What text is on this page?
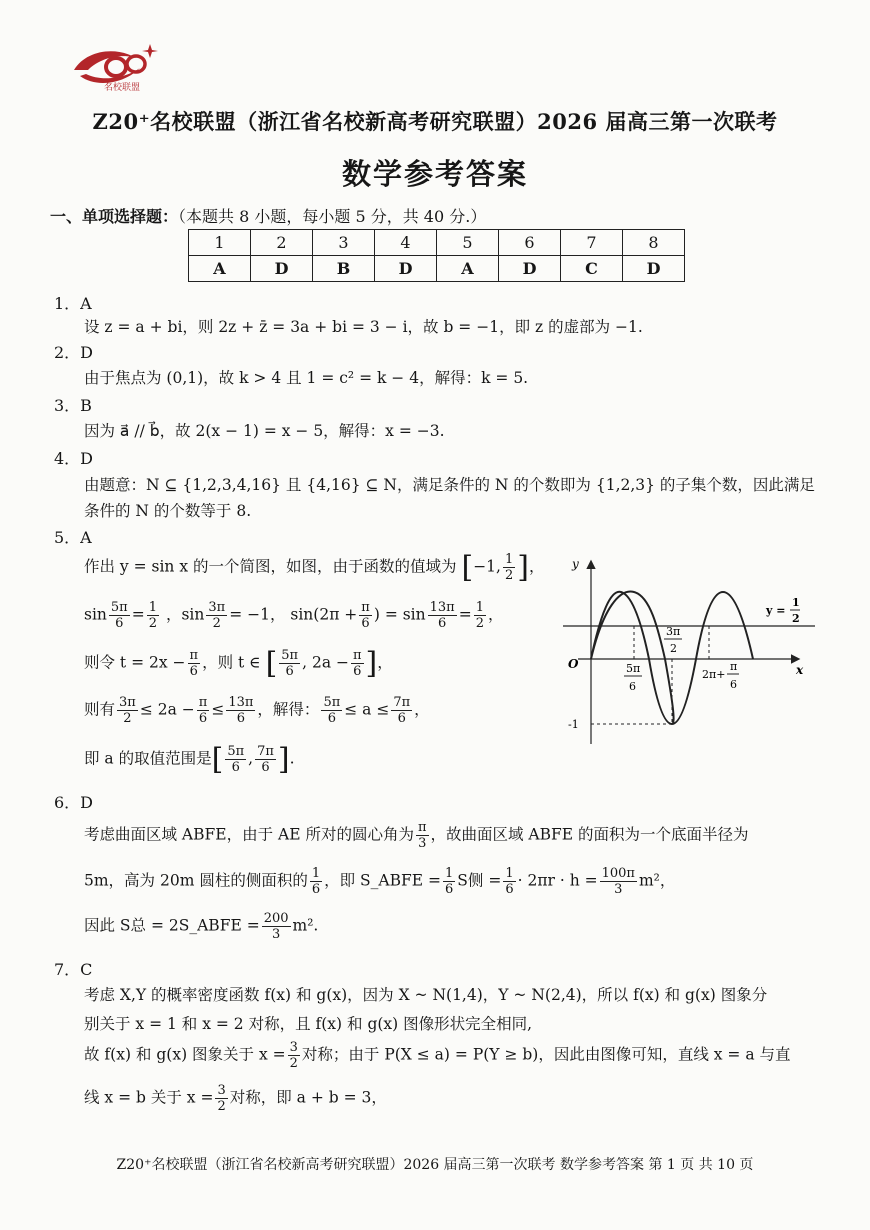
名校联盟
Z20⁺名校联盟（浙江省名校新高考研究联盟）2026 届高三第一次联考
数学参考答案
一、单项选择题：（本题共 8 小题，每小题 5 分，共 40 分.）
1	2	3	4	5	6	7	8
A	D	B	D	A	D	C	D
1．A
设 z = a + bi，则 2z + z̄ = 3a + bi = 3 − i，故 b = −1，即 z 的虚部为 −1.
2．D
由于焦点为 (0,1)，故 k > 4 且 1 = c² = k − 4，解得：k = 5.
3．B
因为 a⃗ // b⃗，故 2(x − 1) = x − 5，解得：x = −3.
4．D
由题意：N ⊆ {1,2,3,4,16} 且 {4,16} ⊆ N，满足条件的 N 的个数即为 {1,2,3} 的子集个数，因此满足
条件的 N 的个数等于 8.
5．A
作出 y = sin x 的一个简图，如图，由于函数的值域为 [−1, $\frac{1}{2}$ ]，
$\sin \frac{5\pi}{6} = \frac{1}{2}$ ，$\sin \frac{3\pi}{2} = -1$， $\sin(2\pi + \frac{\pi}{6}$ ) = $\sin \frac{13\pi}{6} = \frac{1}{2}$ ，
则令 $t = 2x - \frac{\pi}{6}$ ，则 t ∈ [ $\frac{5\pi}{6}$ , $2a - \frac{\pi}{6}$ ]，
则有 $\frac{3\pi}{2} \le 2a - \frac{\pi}{6} \le \frac{13\pi}{6}$ ，解得： $\frac{5\pi}{6} \le a \le \frac{7\pi}{6}$ ，
即 a 的取值范围是[ $\frac{5\pi}{6}$ , $\frac{7\pi}{6}$ ].
y
x
O
-1
y =
1
2
3π
2
5π
6
2π+
π
6
6．D
考虑曲面区域 ABFE，由于 AE 所对的圆心角为 $\frac{\pi}{3}$ ，故曲面区域 ABFE 的面积为一个底面半径为
5m，高为 20m 圆柱的侧面积的 $\frac{1}{6}$ ，即 S_ABFE = $\frac{1}{6}$ S侧 = $\frac{1}{6} \cdot 2\pi r \cdot h = \frac{100\pi}{3} m^2$，
因此 S总 = 2S_ABFE = $\frac{200}{3} m^2$.
7．C
考虑 X,Y 的概率密度函数 f(x) 和 g(x)，因为 X ~ N(1,4)，Y ~ N(2,4)，所以 f(x) 和 g(x) 图象分
别关于 x = 1 和 x = 2 对称，且 f(x) 和 g(x) 图像形状完全相同,
故 f(x) 和 g(x) 图象关于 $x = \frac{3}{2}$ 对称；由于 P(X ≤ a) = P(Y ≥ b)，因此由图像可知，直线 x = a 与直
线 x = b 关于 $x = \frac{3}{2}$ 对称，即 a + b = 3，
Z20⁺名校联盟（浙江省名校新高考研究联盟）2026 届高三第一次联考 数学参考答案 第 1 页 共 10 页
